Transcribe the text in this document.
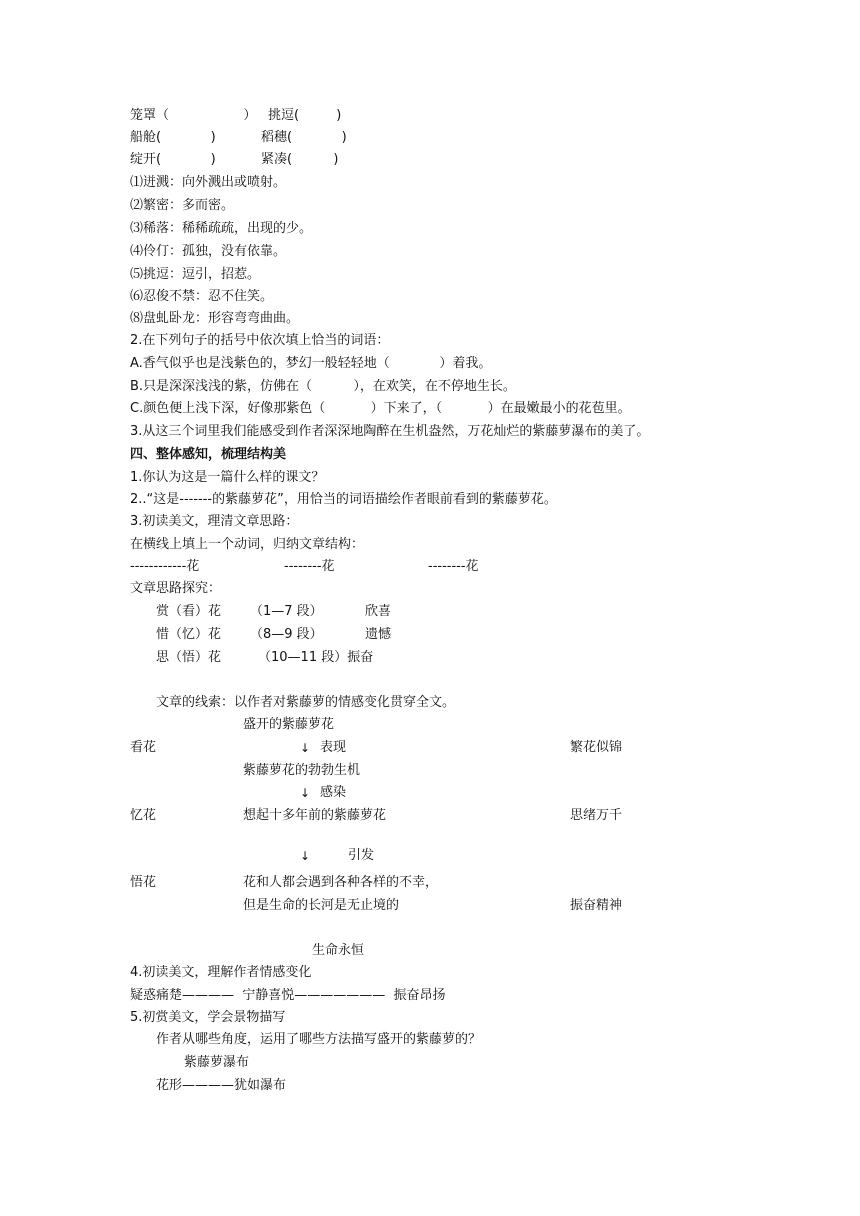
笼罩（                  ） 挑逗(         )
船舱(            )	稻穗(            )
绽开(            )	紧凑(          )
⑴迸溅：向外溅出或喷射。
⑵繁密：多而密。
⑶稀落：稀稀疏疏，出现的少。
⑷伶仃：孤独，没有依靠。
⑸挑逗：逗引，招惹。
⑹忍俊不禁：忍不住笑。
⑻盘虬卧龙：形容弯弯曲曲。
2.在下列句子的括号中依次填上恰当的词语：
A.香气似乎也是浅紫色的，梦幻一般轻轻地（            ）着我。
B.只是深深浅浅的紫，仿佛在（          ），在欢笑，在不停地生长。
C.颜色便上浅下深，好像那紫色（           ）下来了，（           ）在最嫩最小的花苞里。
3.从这三个词里我们能感受到作者深深地陶醉在生机盎然，万花灿烂的紫藤萝瀑布的美了。
四、整体感知，梳理结构美
1.你认为这是一篇什么样的课文？
2..“这是-------的紫藤萝花”，用恰当的词语描绘作者眼前看到的紫藤萝花。
3.初读美文，理清文章思路：
在横线上填上一个动词，归纳文章结构：
------------花	--------花	--------花
文章思路探究：
赏（看）花 （1—7 段）	欣喜
惜（忆）花 （8—9 段）	遗憾
思（悟）花	（10—11 段）振奋
文章的线索：以作者对紫藤萝的情感变化贯穿全文。
盛开的紫藤萝花
看花	↓ 表现	繁花似锦
紫藤萝花的勃勃生机
↓ 感染
忆花	想起十多年前的紫藤萝花	思绪万千
↓	引发
悟花	花和人都会遇到各种各样的不幸，
但是生命的长河是无止境的	振奋精神
生命永恒
4.初读美文，理解作者情感变化
疑惑痛楚————  宁静喜悦———————  振奋昂扬
5.初赏美文，学会景物描写
作者从哪些角度，运用了哪些方法描写盛开的紫藤萝的？
紫藤萝瀑布
花形————犹如瀑布
